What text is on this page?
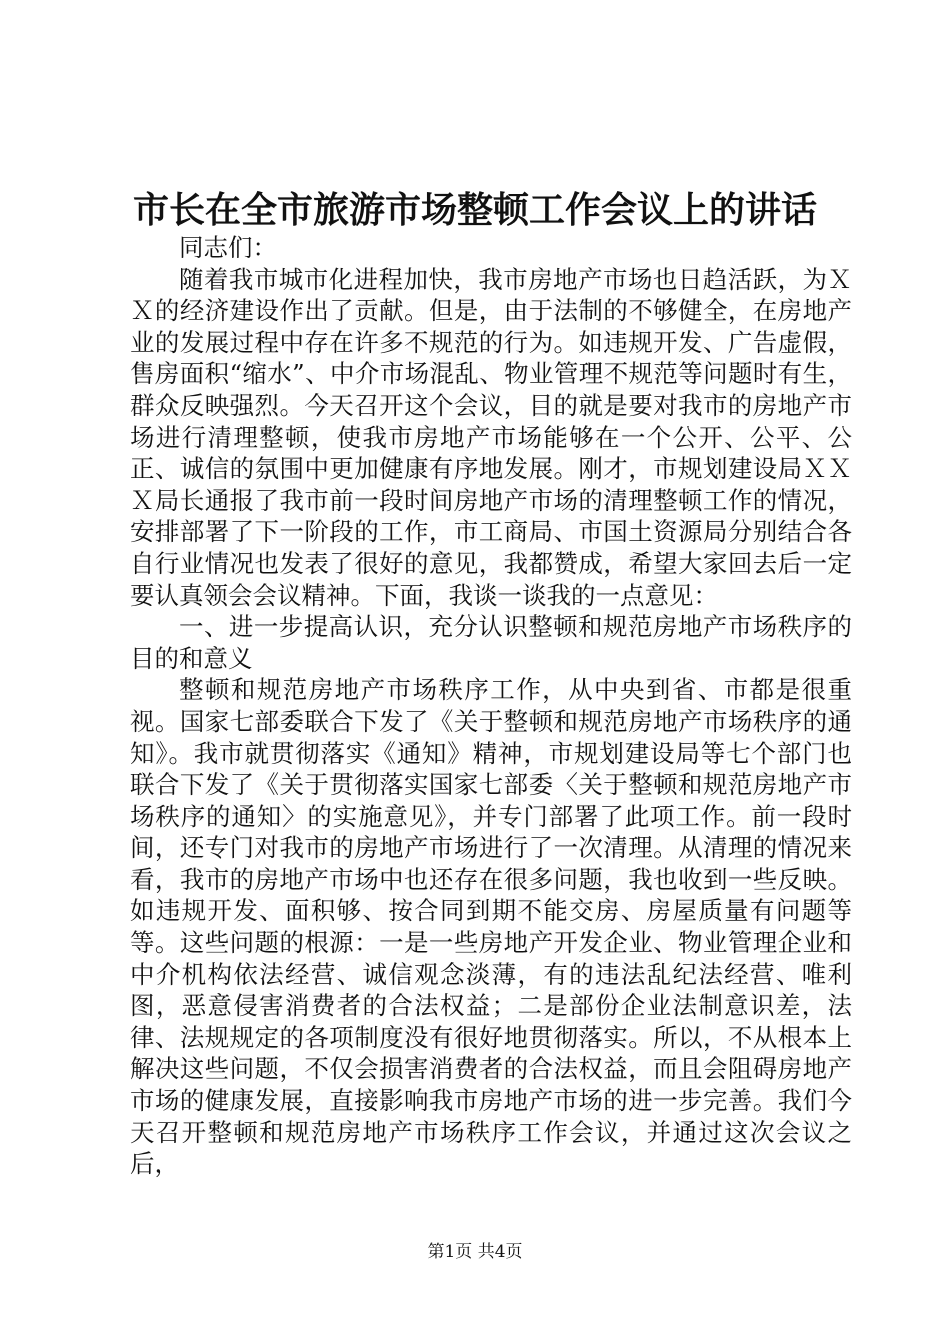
市长在全市旅游市场整顿工作会议上的讲话

同志们：

随着我市城市化进程加快，我市房地产市场也日趋活跃，为ＸＸ的经济建设作出了贡献。但是，由于法制的不够健全，在房地产业的发展过程中存在许多不规范的行为。如违规开发、广告虚假，售房面积“缩水”、中介市场混乱、物业管理不规范等问题时有生，群众反映强烈。今天召开这个会议，目的就是要对我市的房地产市场进行清理整顿，使我市房地产市场能够在一个公开、公平、公正、诚信的氛围中更加健康有序地发展。刚才，市规划建设局ＸＸＸ局长通报了我市前一段时间房地产市场的清理整顿工作的情况，安排部署了下一阶段的工作，市工商局、市国土资源局分别结合各自行业情况也发表了很好的意见，我都赞成，希望大家回去后一定要认真领会会议精神。下面，我谈一谈我的一点意见：

一、进一步提高认识，充分认识整顿和规范房地产市场秩序的目的和意义

整顿和规范房地产市场秩序工作，从中央到省、市都是很重视。国家七部委联合下发了《关于整顿和规范房地产市场秩序的通知》。我市就贯彻落实《通知》精神，市规划建设局等七个部门也联合下发了《关于贯彻落实国家七部委〈关于整顿和规范房地产市场秩序的通知〉的实施意见》，并专门部署了此项工作。前一段时间，还专门对我市的房地产市场进行了一次清理。从清理的情况来看，我市的房地产市场中也还存在很多问题，我也收到一些反映。如违规开发、面积够、按合同到期不能交房、房屋质量有问题等等。这些问题的根源：一是一些房地产开发企业、物业管理企业和中介机构依法经营、诚信观念淡薄，有的违法乱纪法经营、唯利图，恶意侵害消费者的合法权益；二是部份企业法制意识差，法律、法规规定的各项制度没有很好地贯彻落实。所以，不从根本上解决这些问题，不仅会损害消费者的合法权益，而且会阻碍房地产市场的健康发展，直接影响我市房地产市场的进一步完善。我们今天召开整顿和规范房地产市场秩序工作会议，并通过这次会议之后，

第1页 共4页
